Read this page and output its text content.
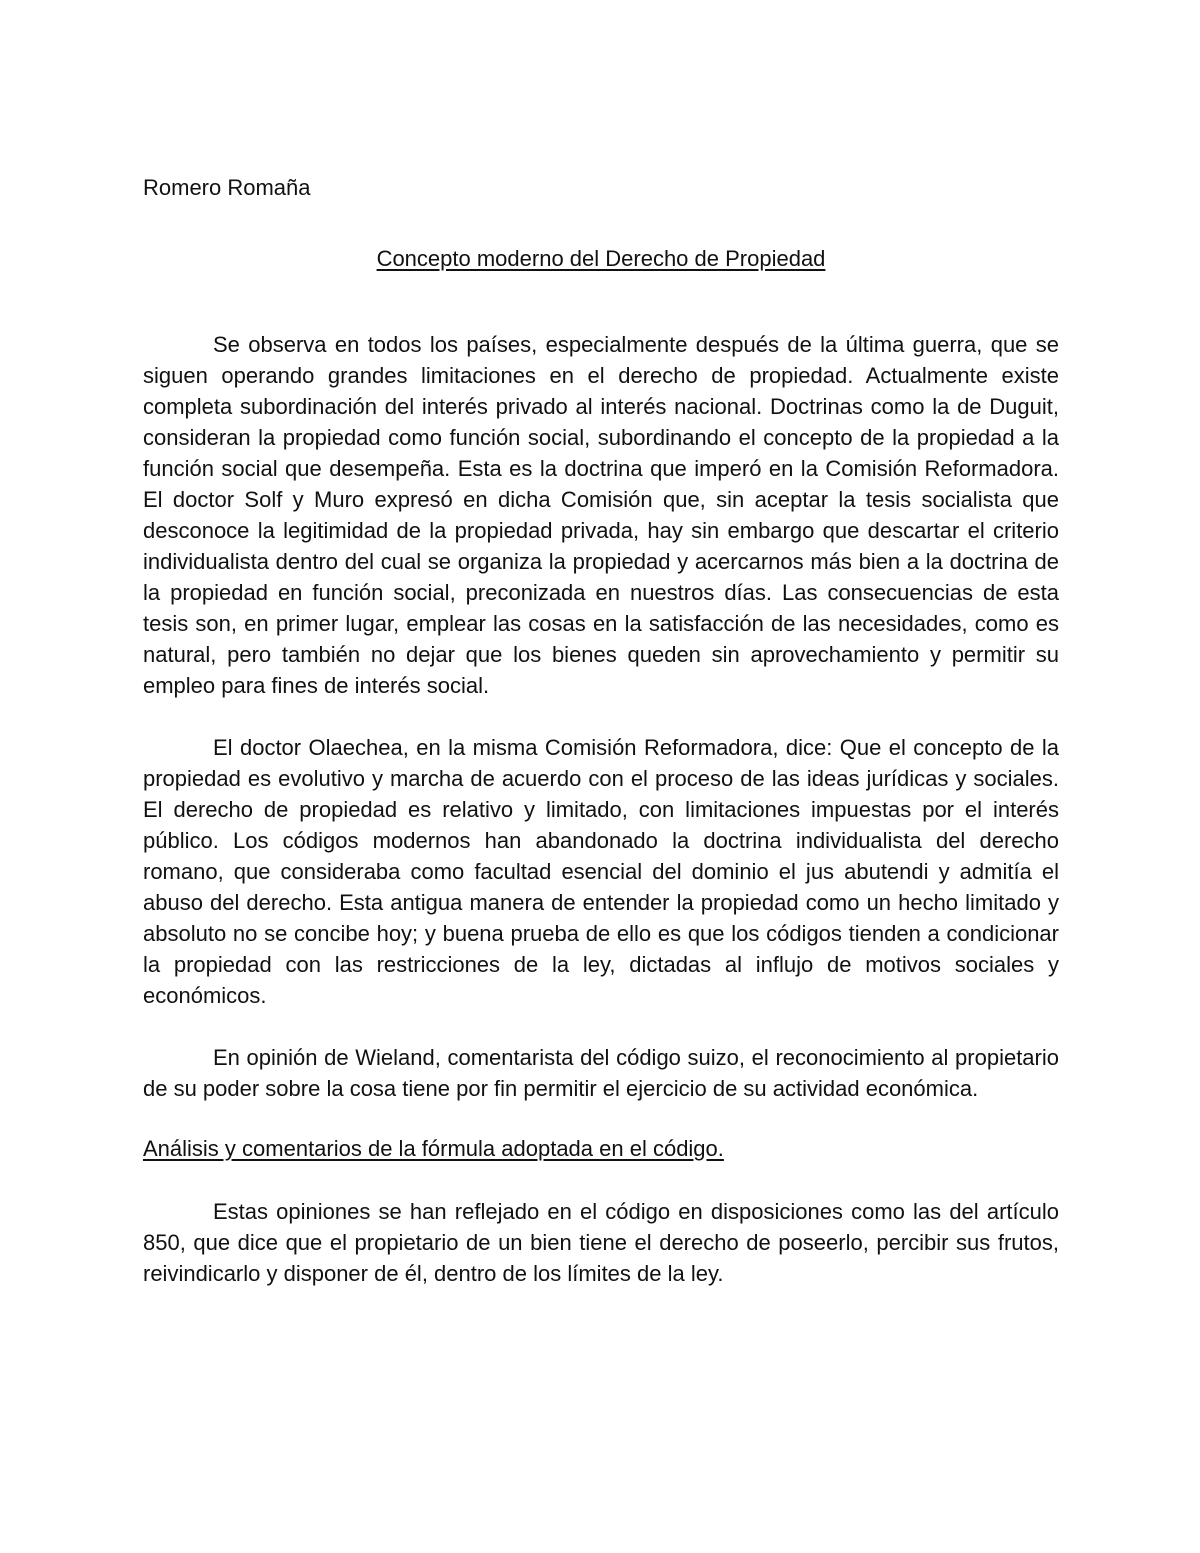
Romero Romaña

Concepto moderno del Derecho de Propiedad

Se observa en todos los países, especialmente después de la última guerra, que se siguen operando grandes limitaciones en el derecho de propiedad. Actualmente existe completa subordinación del interés privado al interés nacional. Doctrinas como la de Duguit, consideran la propiedad como función social, subordinando el concepto de la propiedad a la función social que desempeña. Esta es la doctrina que imperó en la Comisión Reformadora. El doctor Solf y Muro expresó en dicha Comisión que, sin aceptar la tesis socialista que desconoce la legitimidad de la propiedad privada, hay sin embargo que descartar el criterio individualista dentro del cual se organiza la propiedad y acercarnos más bien a la doctrina de la propiedad en función social, preconizada en nuestros días. Las consecuencias de esta tesis son, en primer lugar, emplear las cosas en la satisfacción de las necesidades, como es natural, pero también no dejar que los bienes queden sin aprovechamiento y permitir su empleo para fines de interés social.

El doctor Olaechea, en la misma Comisión Reformadora, dice: Que el concepto de la propiedad es evolutivo y marcha de acuerdo con el proceso de las ideas jurídicas y sociales. El derecho de propiedad es relativo y limitado, con limitaciones impuestas por el interés público. Los códigos modernos han abandonado la doctrina individualista del derecho romano, que consideraba como facultad esencial del dominio el jus abutendi y admitía el abuso del derecho. Esta antigua manera de entender la propiedad como un hecho limitado y absoluto no se concibe hoy; y buena prueba de ello es que los códigos tienden a condicionar la propiedad con las restricciones de la ley, dictadas al influjo de motivos sociales y económicos.

En opinión de Wieland, comentarista del código suizo, el reconocimiento al propietario de su poder sobre la cosa tiene por fin permitir el ejercicio de su actividad económica.

Análisis y comentarios de la fórmula adoptada en el código.

Estas opiniones se han reflejado en el código en disposiciones como las del artículo 850, que dice que el propietario de un bien tiene el derecho de poseerlo, percibir sus frutos, reivindicarlo y disponer de él, dentro de los límites de la ley.
